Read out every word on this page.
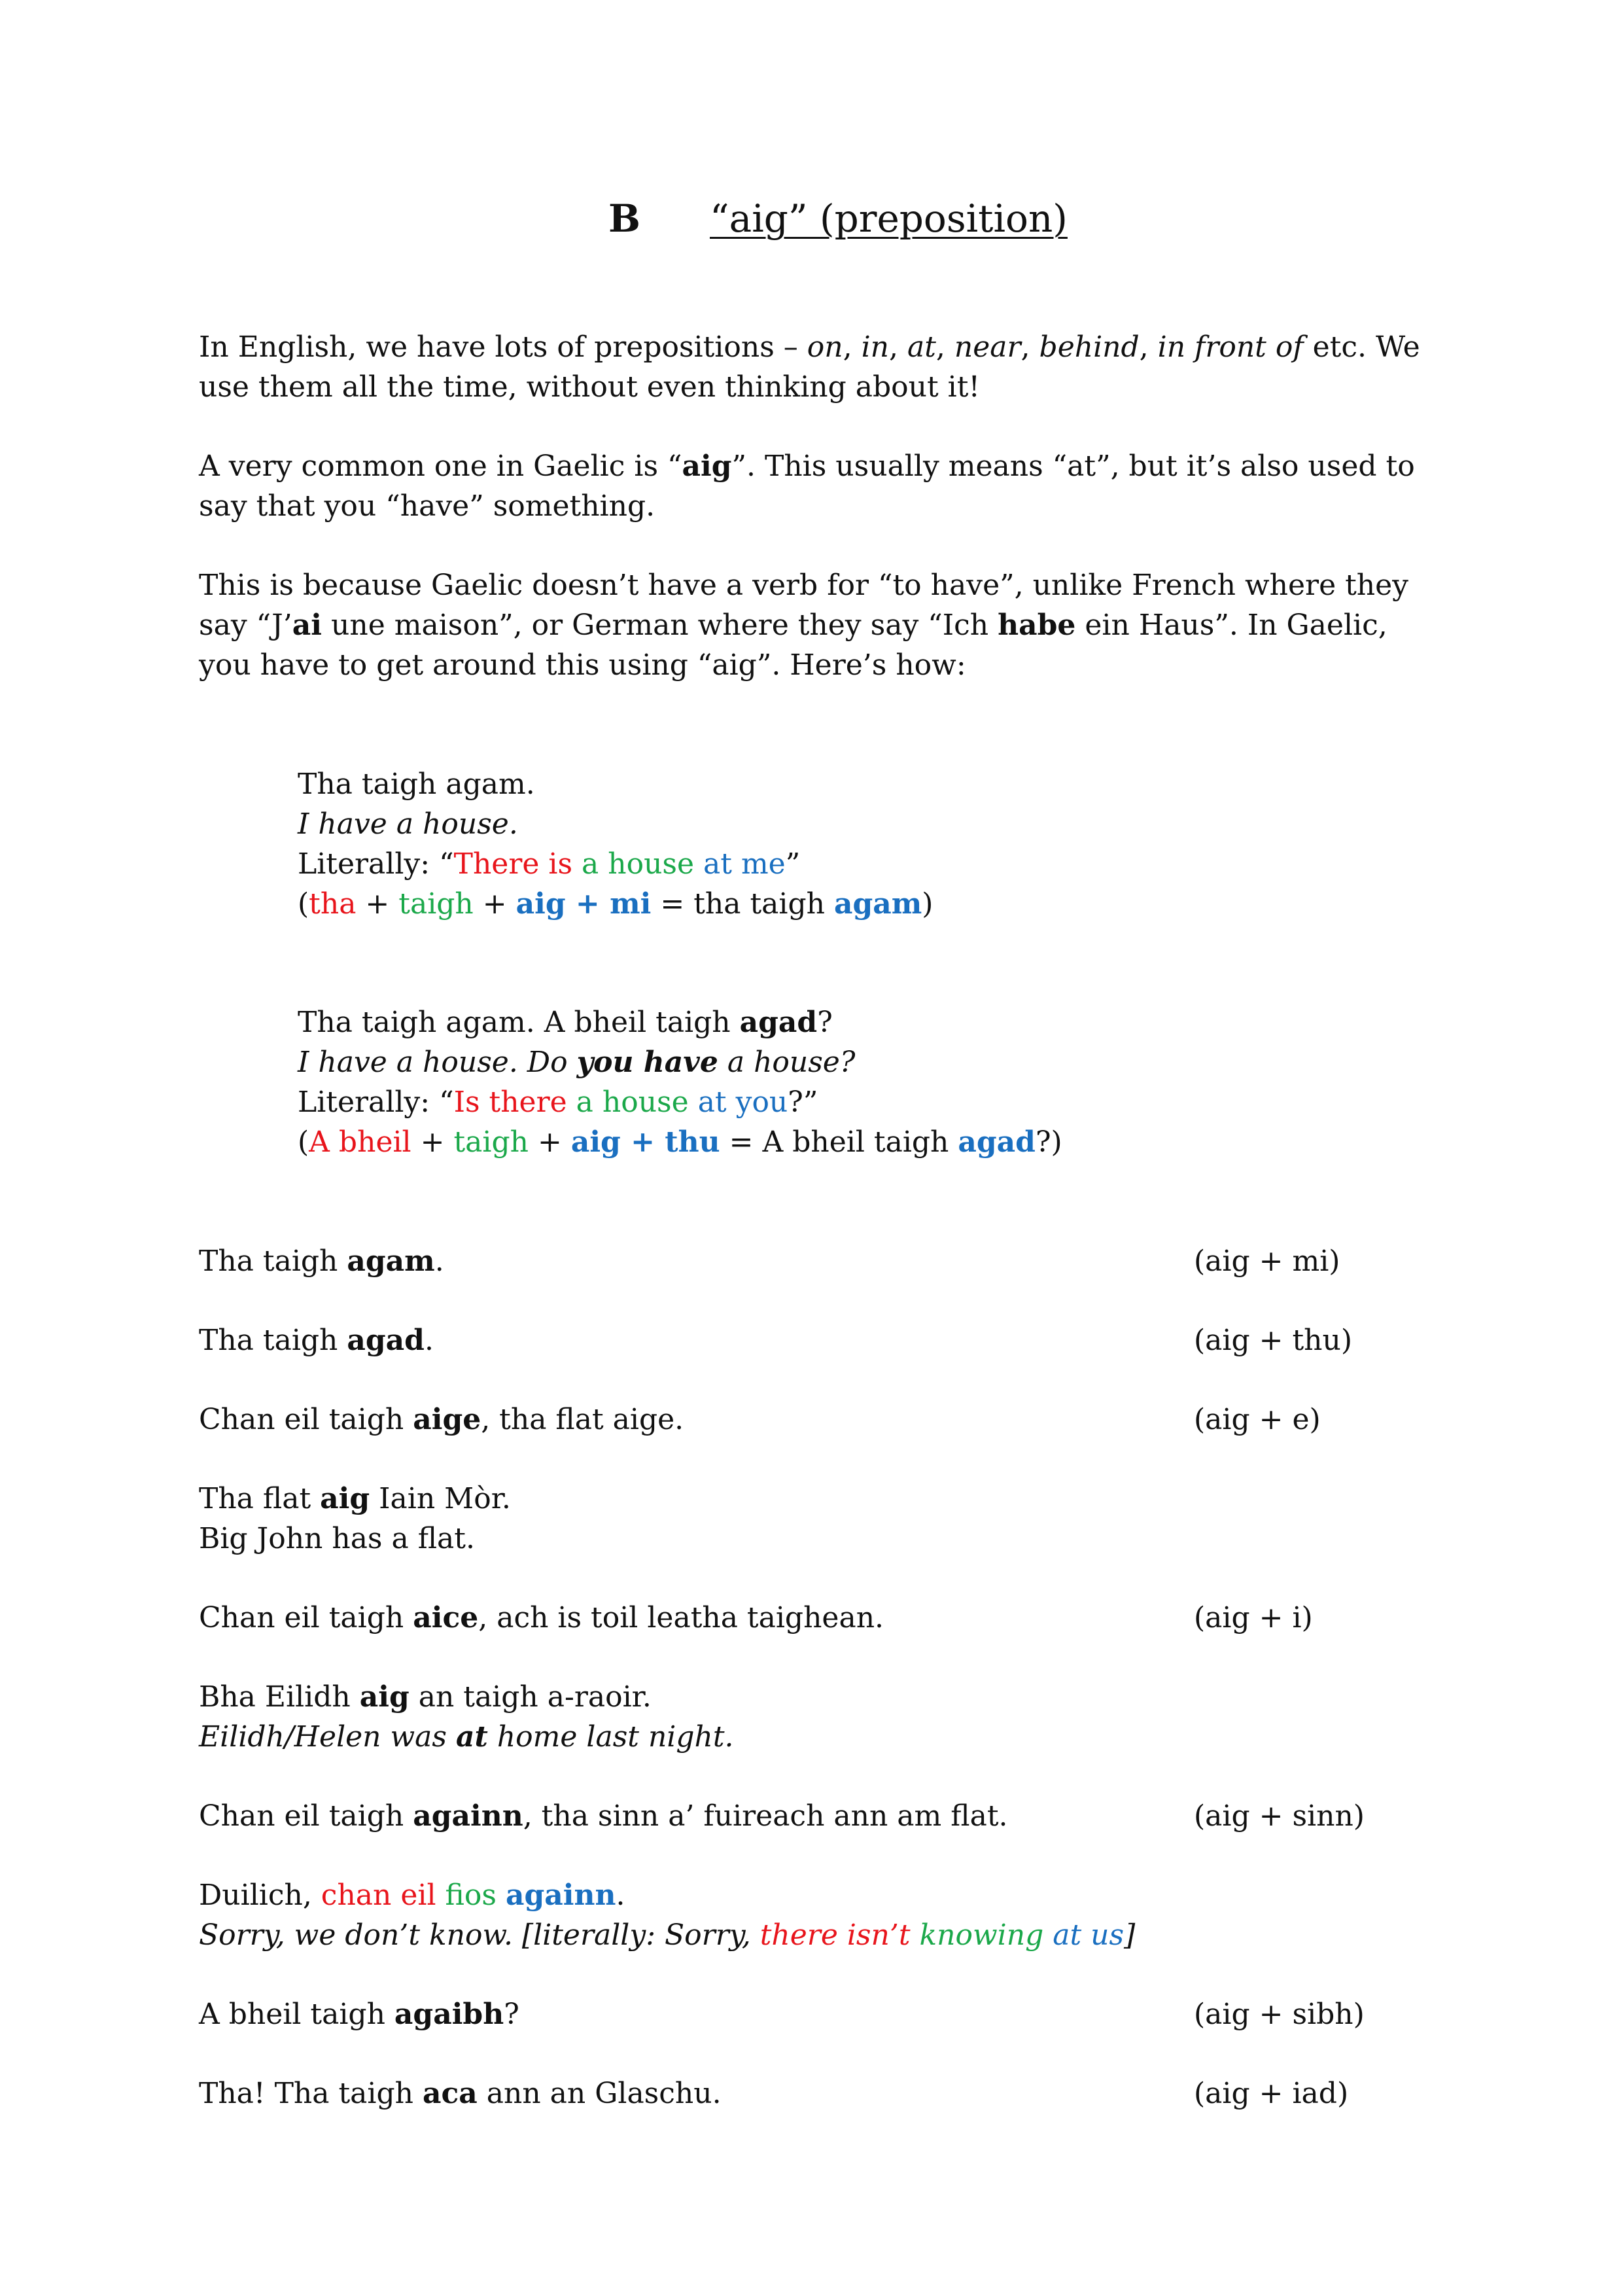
B “aig” (preposition)
In English, we have lots of prepositions – on, in, at, near, behind, in front of etc. We use them all the time, without even thinking about it!
A very common one in Gaelic is “aig”. This usually means “at”, but it’s also used to say that you “have” something.
This is because Gaelic doesn’t have a verb for “to have”, unlike French where they say “J’ai une maison”, or German where they say “Ich habe ein Haus”. In Gaelic, you have to get around this using “aig”. Here’s how:
Tha taigh agam.
I have a house.
Literally: “There is a house at me”
(tha + taigh + aig + mi = tha taigh agam)
Tha taigh agam. A bheil taigh agad?
I have a house. Do you have a house?
Literally: “Is there a house at you?”
(A bheil + taigh + aig + thu = A bheil taigh agad?)
Tha taigh agam.	(aig + mi)
Tha taigh agad.	(aig + thu)
Chan eil taigh aige, tha flat aige.	(aig + e)
Tha flat aig Iain Mòr.
Big John has a flat.
Chan eil taigh aice, ach is toil leatha taighean.	(aig + i)
Bha Eilidh aig an taigh a-raoir.
Eilidh/Helen was at home last night.
Chan eil taigh againn, tha sinn a’ fuireach ann am flat.	(aig + sinn)
Duilich, chan eil fios againn.
Sorry, we don’t know. [literally: Sorry, there isn’t knowing at us]
A bheil taigh agaibh?	(aig + sibh)
Tha! Tha taigh aca ann an Glaschu.	(aig + iad)
